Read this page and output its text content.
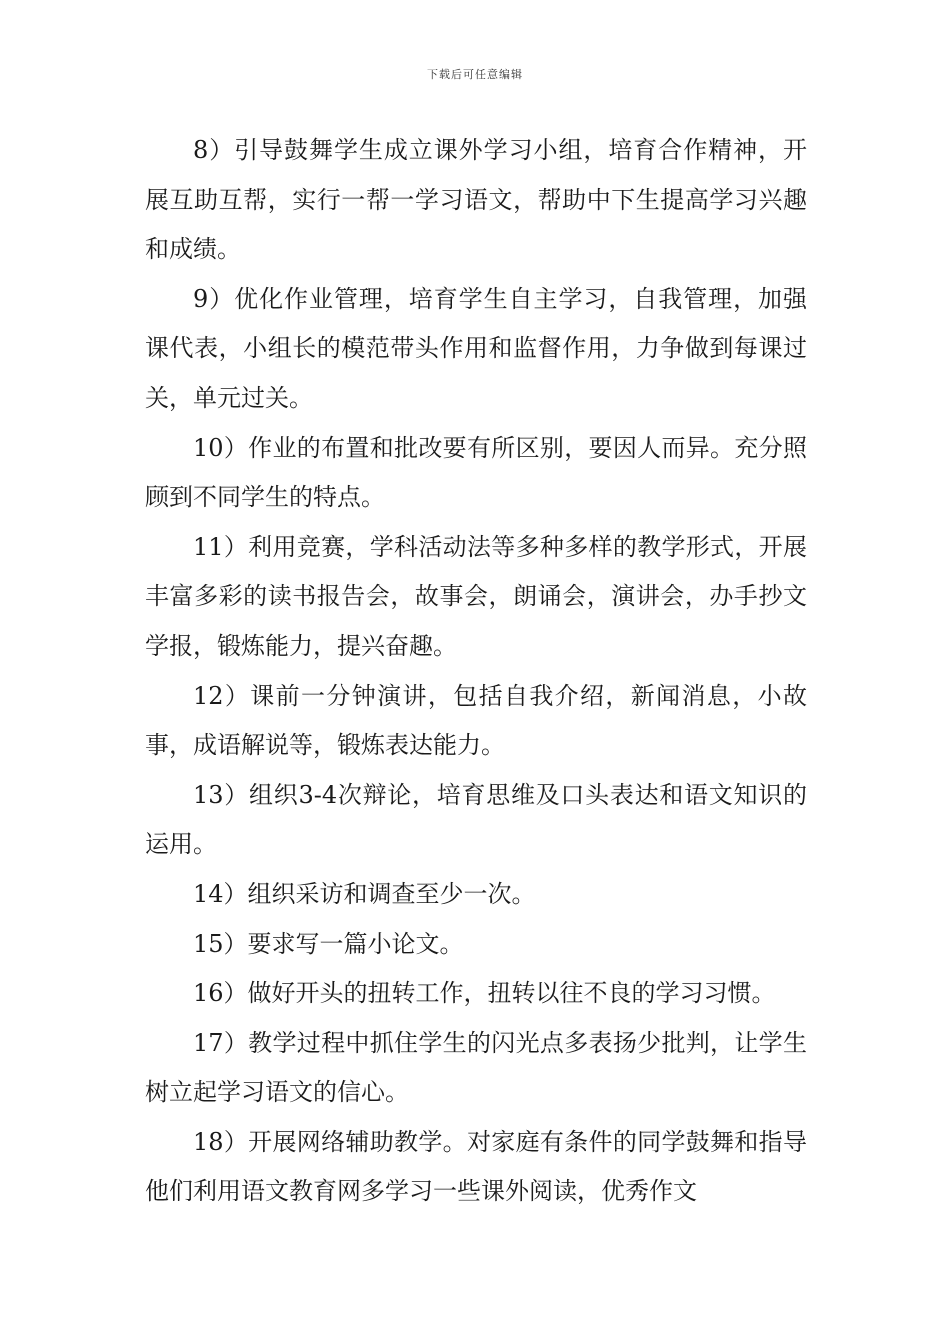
下载后可任意编辑

8）引导鼓舞学生成立课外学习小组，培育合作精神，开展互助互帮，实行一帮一学习语文，帮助中下生提高学习兴趣和成绩。

9）优化作业管理，培育学生自主学习，自我管理，加强课代表，小组长的模范带头作用和监督作用，力争做到每课过关，单元过关。

10）作业的布置和批改要有所区别，要因人而异。充分照顾到不同学生的特点。

11）利用竞赛，学科活动法等多种多样的教学形式，开展丰富多彩的读书报告会，故事会，朗诵会，演讲会，办手抄文学报，锻炼能力，提兴奋趣。

12）课前一分钟演讲，包括自我介绍，新闻消息，小故事，成语解说等，锻炼表达能力。

13）组织3-4次辩论，培育思维及口头表达和语文知识的运用。

14）组织采访和调查至少一次。

15）要求写一篇小论文。

16）做好开头的扭转工作，扭转以往不良的学习习惯。

17）教学过程中抓住学生的闪光点多表扬少批判，让学生树立起学习语文的信心。

18）开展网络辅助教学。对家庭有条件的同学鼓舞和指导他们利用语文教育网多学习一些课外阅读，优秀作文
